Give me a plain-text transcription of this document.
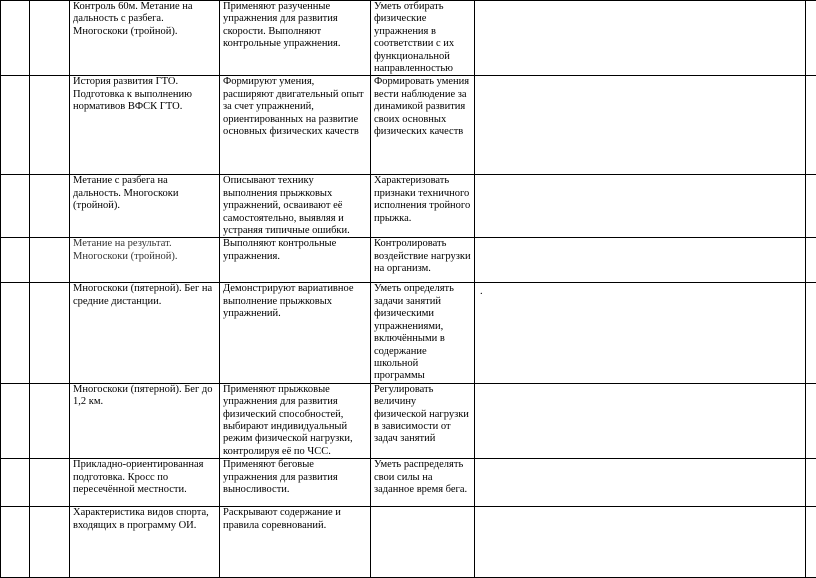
		Контроль 60м. Метание на дальность с разбега. Многоскоки (тройной).	Применяют разученные упражнения для развития скорости. Выполняют контрольные упражнения.	Уметь отбирать физические упражнения в соответствии с их функциональной направленностью		
		История развития ГТО. Подготовка к выполнению нормативов ВФСК ГТО.	Формируют умения, расширяют двигательный опыт за счет упражнений, ориентированных на развитие основных физических качеств	Формировать умения вести наблюдение за динамикой развития своих основных физических качеств		
		Метание с разбега на дальность. Многоскоки (тройной).	Описывают технику выполнения прыжковых упражнений, осваивают её самостоятельно, выявляя и устраняя типичные ошибки.	Характеризовать признаки техничного исполнения тройного прыжка.		
		Метание на результат. Многоскоки (тройной).	Выполняют контрольные упражнения.	Контролировать воздействие нагрузки на организм.		
		Многоскоки (пятерной). Бег на средние дистанции.	Демонстрируют вариативное выполнение прыжковых упражнений.	Уметь определять задачи занятий физическими упражнениями, включёнными в содержание школьной программы	.	
		Многоскоки (пятерной). Бег до 1,2 км.	Применяют прыжковые упражнения для развития физический способностей, выбирают индивидуальный режим физической нагрузки, контролируя её по ЧСС.	Регулировать величину физической нагрузки в зависимости от задач занятий		
		Прикладно-ориентированная подготовка. Кросс по пересечённой местности.	Применяют беговые упражнения для развития выносливости.	Уметь распределять свои силы на заданное время бега.		
		Характеристика видов спорта, входящих в программу ОИ.	Раскрывают содержание и правила соревнований.			
